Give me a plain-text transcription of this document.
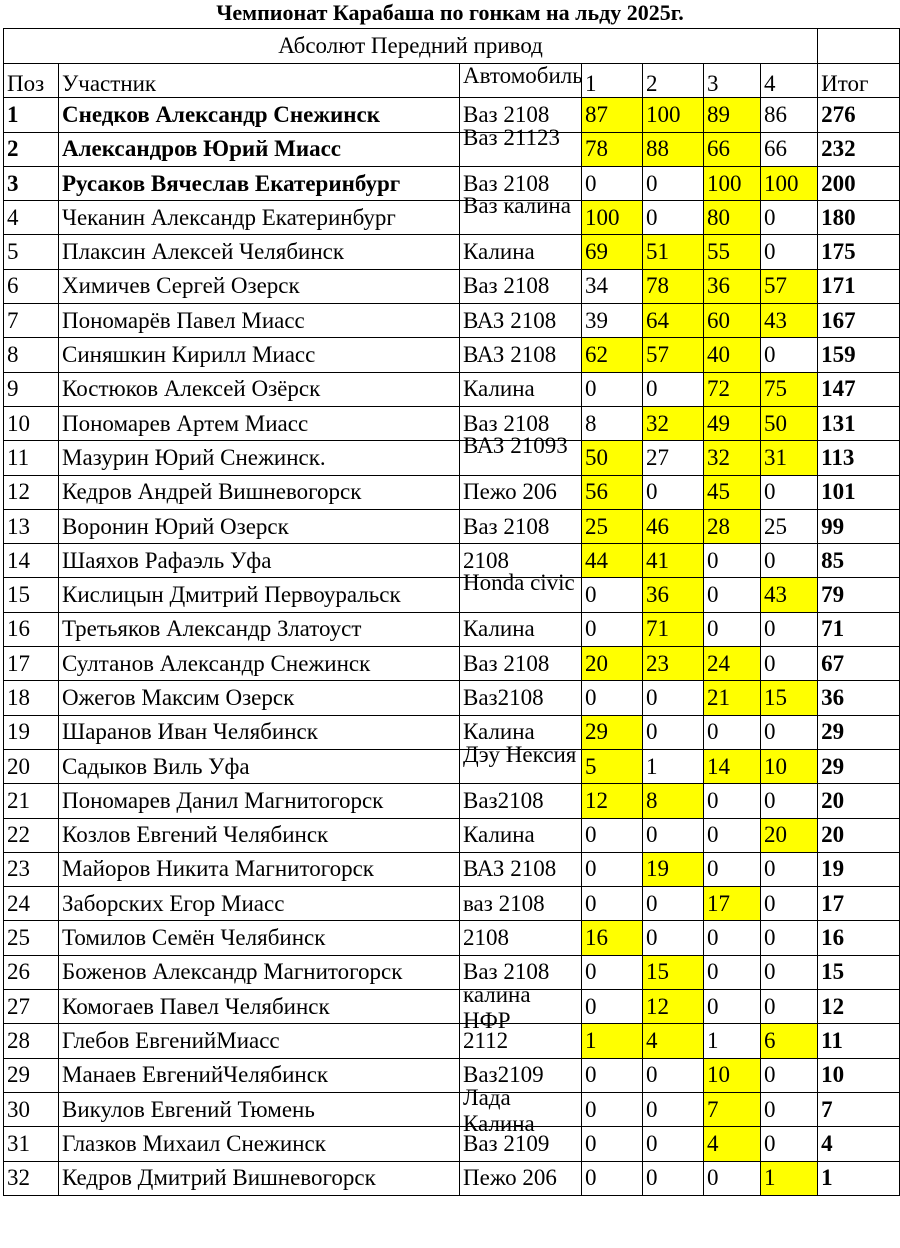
Чемпионат Карабаша по гонкам на льду 2025г.
Абсолют Передний привод							

Поз	Участник	Автомобиль	1	2	3	4	Итог
1	Снедков Александр Снежинск	Ваз 2108	87	100	89	86	276
2	Александров Юрий Миасс	Ваз 21123	78	88	66	66	232
3	Русаков Вячеслав Екатеринбург	Ваз 2108	0	0	100	100	200
4	Чеканин Александр Екатеринбург	Ваз калина	100	0	80	0	180
5	Плаксин Алексей Челябинск	Калина	69	51	55	0	175
6	Химичев Сергей Озерск	Ваз 2108	34	78	36	57	171
7	Пономарёв Павел Миасс	ВАЗ 2108	39	64	60	43	167
8	Синяшкин Кирилл Миасс	ВАЗ 2108	62	57	40	0	159
9	Костюков Алексей Озёрск	Калина	0	0	72	75	147
10	Пономарев Артем Миасс	Ваз 2108	8	32	49	50	131
11	Мазурин Юрий Снежинск.	ВАЗ 21093	50	27	32	31	113
12	Кедров Андрей Вишневогорск	Пежо 206	56	0	45	0	101
13	Воронин Юрий Озерск	Ваз 2108	25	46	28	25	99
14	Шаяхов Рафаэль Уфа	2108	44	41	0	0	85
15	Кислицын Дмитрий Первоуральск	Honda civic	0	36	0	43	79
16	Третьяков Александр Златоуст	Калина	0	71	0	0	71
17	Султанов Александр Снежинск	Ваз 2108	20	23	24	0	67
18	Ожегов Максим Озерск	Ваз2108	0	0	21	15	36
19	Шаранов Иван Челябинск	Калина	29	0	0	0	29
20	Садыков Виль Уфа	Дэу Нексия	5	1	14	10	29
21	Пономарев Данил Магнитогорск	Ваз2108	12	8	0	0	20
22	Козлов Евгений Челябинск	Калина	0	0	0	20	20
23	Майоров Никита Магнитогорск	ВАЗ 2108	0	19	0	0	19
24	Заборских Егор Миасс	ваз 2108	0	0	17	0	17
25	Томилов Семён Челябинск	2108	16	0	0	0	16
26	Боженов Александр Магнитогорск	Ваз 2108	0	15	0	0	15
27	Комогаев Павел Челябинск	калина НФР	0	12	0	0	12
28	Глебов ЕвгенийМиасс	2112	1	4	1	6	11
29	Манаев ЕвгенийЧелябинск	Ваз2109	0	0	10	0	10
30	Викулов Евгений Тюмень	Лада Калина	0	0	7	0	7
31	Глазков Михаил Снежинск	Ваз 2109	0	0	4	0	4
32	Кедров Дмитрий Вишневогорск	Пежо 206	0	0	0	1	1
